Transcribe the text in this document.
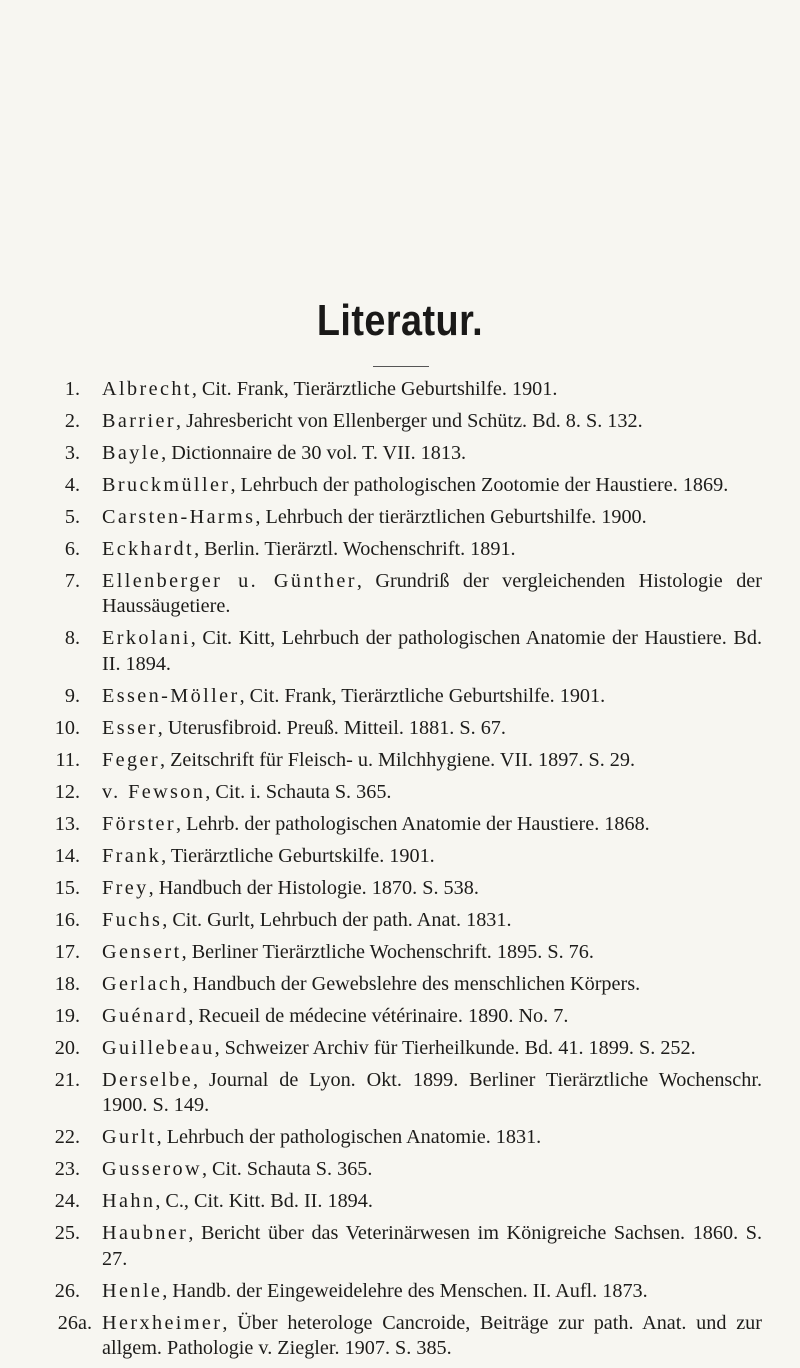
Literatur.
1. Albrecht, Cit. Frank, Tierärztliche Geburtshilfe. 1901.
2. Barrier, Jahresbericht von Ellenberger und Schütz. Bd. 8. S. 132.
3. Bayle, Dictionnaire de 30 vol. T. VII. 1813.
4. Bruckmüller, Lehrbuch der pathologischen Zootomie der Haustiere. 1869.
5. Carsten-Harms, Lehrbuch der tierärztlichen Geburtshilfe. 1900.
6. Eckhardt, Berlin. Tierärztl. Wochenschrift. 1891.
7. Ellenberger u. Günther, Grundriß der vergleichenden Histologie der Haussäugetiere.
8. Erkolani, Cit. Kitt, Lehrbuch der pathologischen Anatomie der Haustiere. Bd. II. 1894.
9. Essen-Möller, Cit. Frank, Tierärztliche Geburtshilfe. 1901.
10. Esser, Uterusfibroid. Preuß. Mitteil. 1881. S. 67.
11. Feger, Zeitschrift für Fleisch- u. Milchhygiene. VII. 1897. S. 29.
12. v. Fewson, Cit. i. Schauta S. 365.
13. Förster, Lehrb. der pathologischen Anatomie der Haustiere. 1868.
14. Frank, Tierärztliche Geburtskilfe. 1901.
15. Frey, Handbuch der Histologie. 1870. S. 538.
16. Fuchs, Cit. Gurlt, Lehrbuch der path. Anat. 1831.
17. Gensert, Berliner Tierärztliche Wochenschrift. 1895. S. 76.
18. Gerlach, Handbuch der Gewebslehre des menschlichen Körpers.
19. Guénard, Recueil de médecine vétérinaire. 1890. No. 7.
20. Guillebeau, Schweizer Archiv für Tierheilkunde. Bd. 41. 1899. S. 252.
21. Derselbe, Journal de Lyon. Okt. 1899. Berliner Tierärztliche Wochenschr. 1900. S. 149.
22. Gurlt, Lehrbuch der pathologischen Anatomie. 1831.
23. Gusserow, Cit. Schauta S. 365.
24. Hahn, C., Cit. Kitt. Bd. II. 1894.
25. Haubner, Bericht über das Veterinärwesen im Königreiche Sachsen. 1860. S. 27.
26. Henle, Handb. der Eingeweidelehre des Menschen. II. Aufl. 1873.
26a. Herxheimer, Über heterologe Cancroide, Beiträge zur path. Anat. und zur allgem. Pathologie v. Ziegler. 1907. S. 385.
